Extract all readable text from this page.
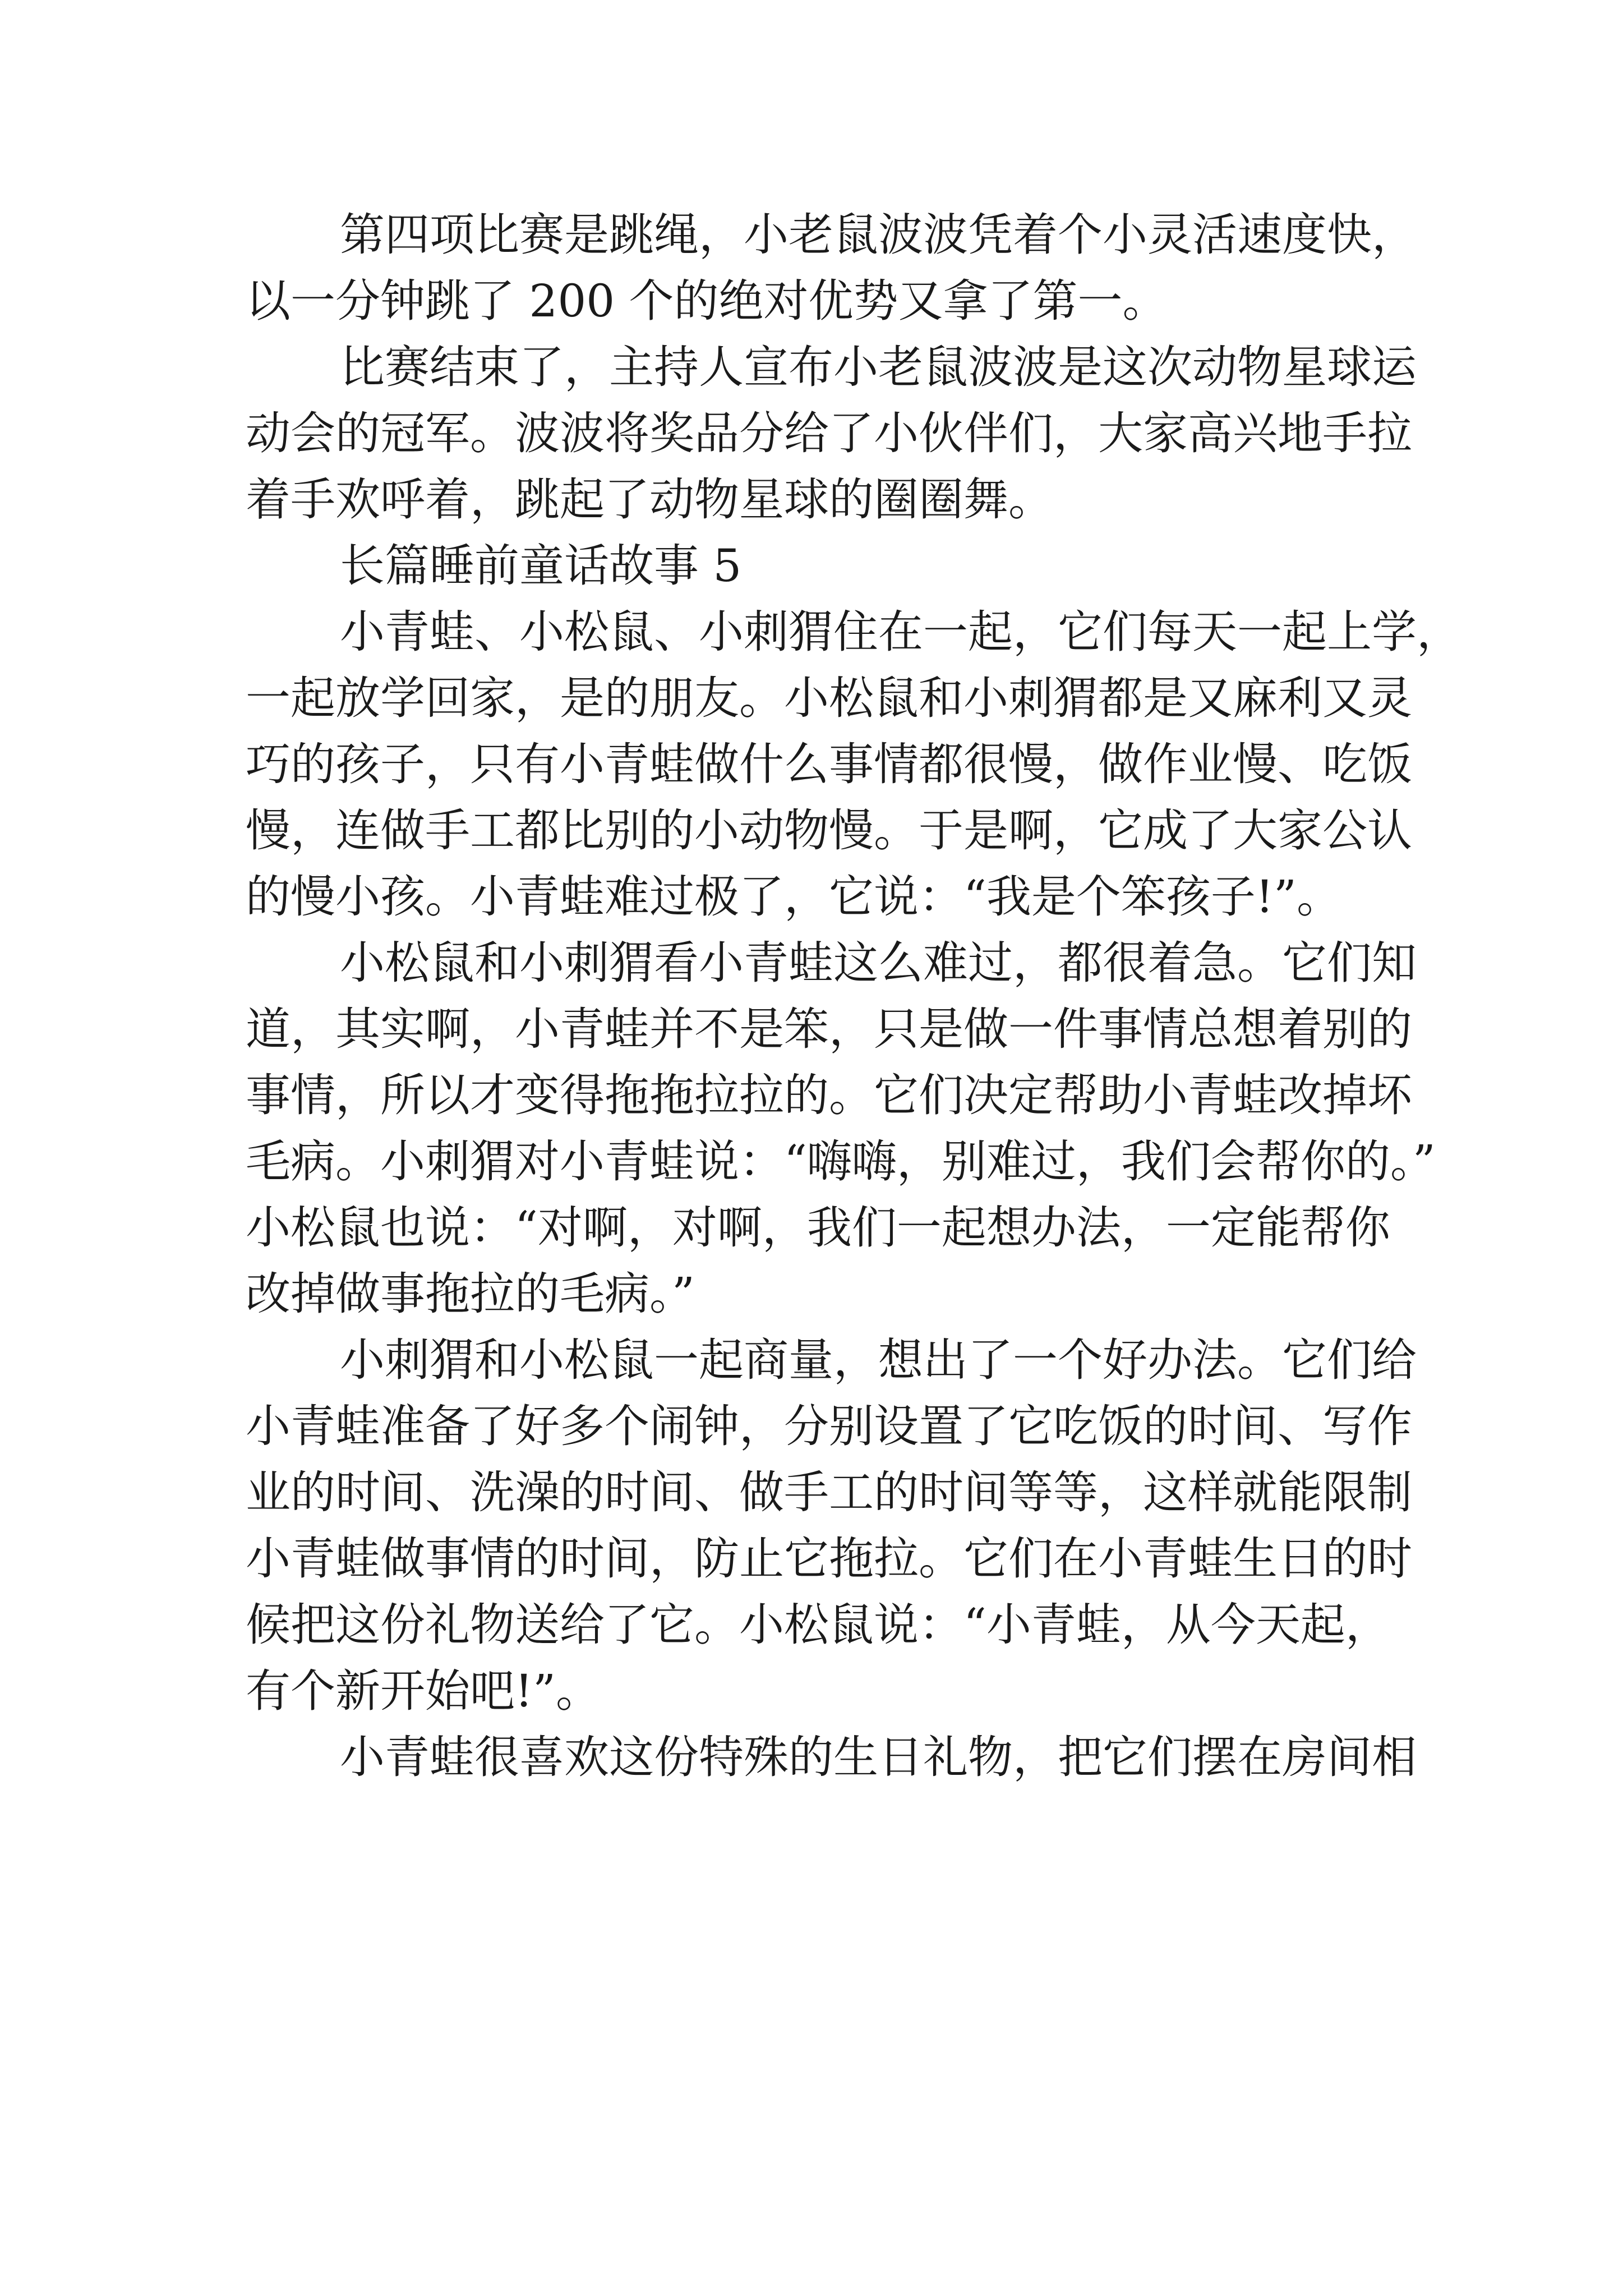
第四项比赛是跳绳，小老鼠波波凭着个小灵活速度快，
以一分钟跳了 200 个的绝对优势又拿了第一。
比赛结束了，主持人宣布小老鼠波波是这次动物星球运
动会的冠军。波波将奖品分给了小伙伴们，大家高兴地手拉
着手欢呼着，跳起了动物星球的圈圈舞。
长篇睡前童话故事 5
小青蛙、小松鼠、小刺猬住在一起，它们每天一起上学，
一起放学回家，是的朋友。小松鼠和小刺猬都是又麻利又灵
巧的孩子，只有小青蛙做什么事情都很慢，做作业慢、吃饭
慢，连做手工都比别的小动物慢。于是啊，它成了大家公认
的慢小孩。小青蛙难过极了，它说：“我是个笨孩子!”。
小松鼠和小刺猬看小青蛙这么难过，都很着急。它们知
道，其实啊，小青蛙并不是笨，只是做一件事情总想着别的
事情，所以才变得拖拖拉拉的。它们决定帮助小青蛙改掉坏
毛病。小刺猬对小青蛙说：“嗨嗨，别难过，我们会帮你的。”
小松鼠也说：“对啊，对啊，我们一起想办法，一定能帮你
改掉做事拖拉的毛病。”
小刺猬和小松鼠一起商量，想出了一个好办法。它们给
小青蛙准备了好多个闹钟，分别设置了它吃饭的时间、写作
业的时间、洗澡的时间、做手工的时间等等，这样就能限制
小青蛙做事情的时间，防止它拖拉。它们在小青蛙生日的时
候把这份礼物送给了它。小松鼠说：“小青蛙，从今天起，
有个新开始吧!”。
小青蛙很喜欢这份特殊的生日礼物，把它们摆在房间相
